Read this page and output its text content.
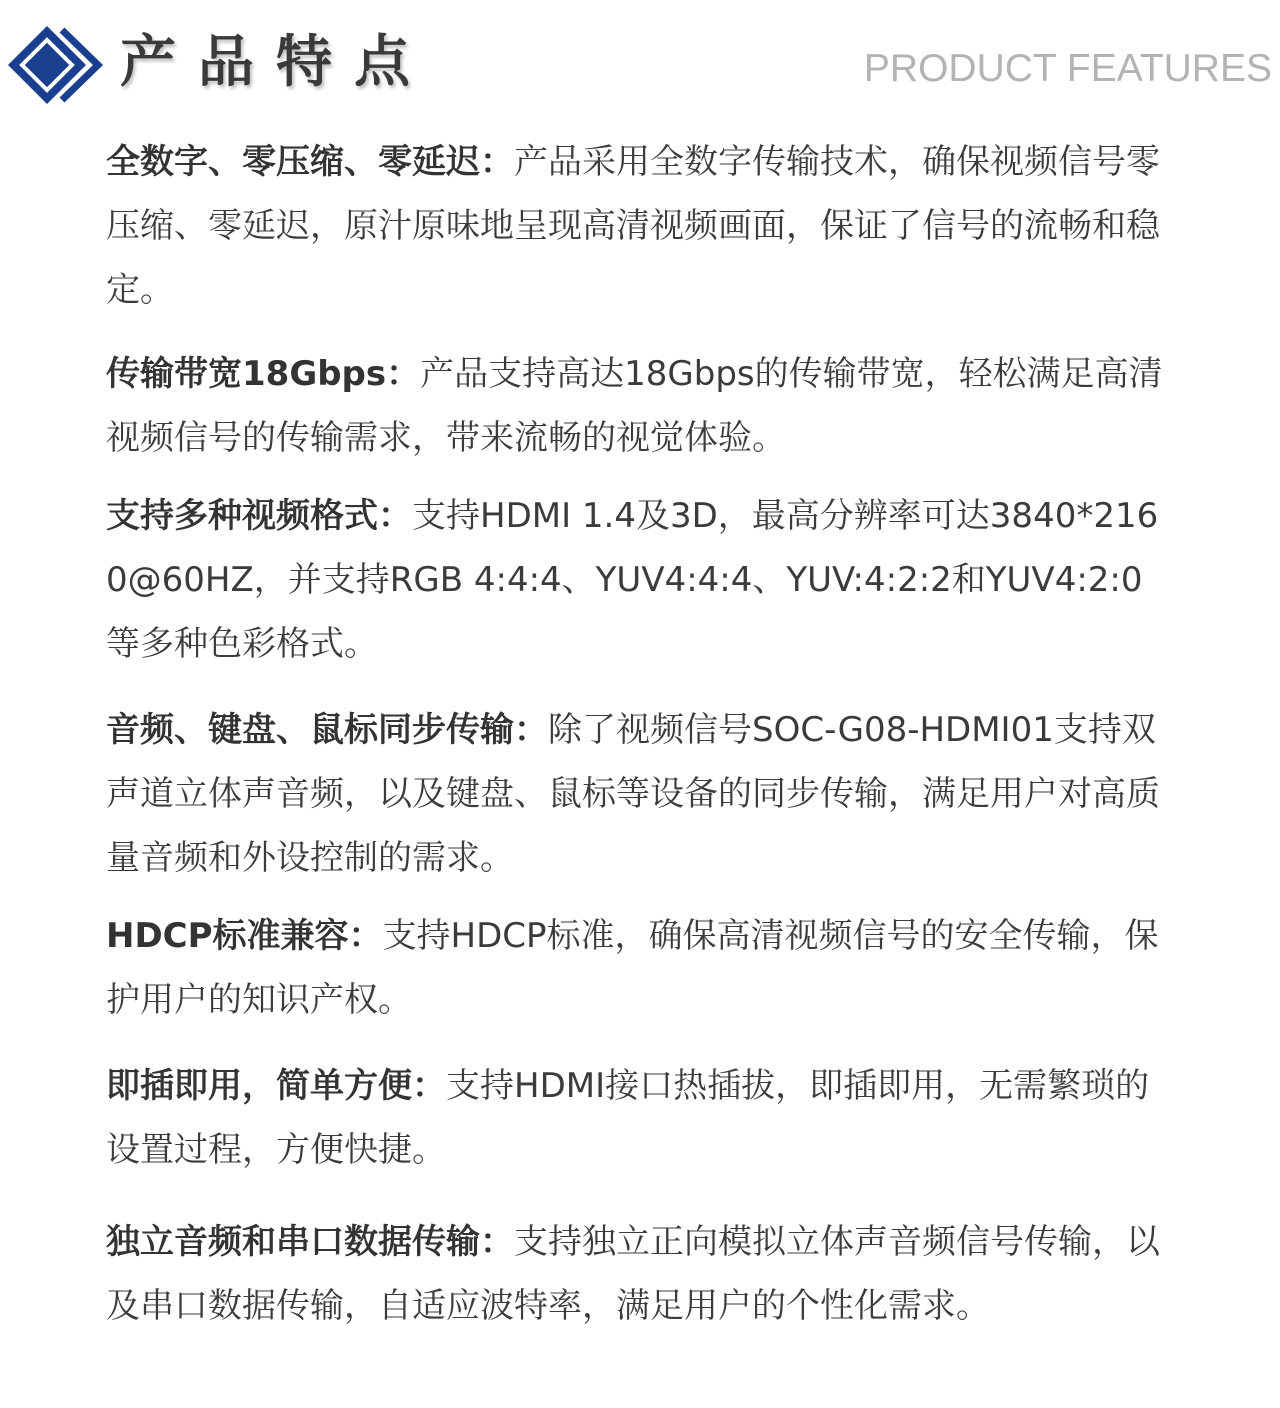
产品特点	PRODUCT FEATURES

全数字、零压缩、零延迟：产品采用全数字传输技术，确保视频信号零压缩、零延迟，原汁原味地呈现高清视频画面，保证了信号的流畅和稳定。

传输带宽18Gbps：产品支持高达18Gbps的传输带宽，轻松满足高清视频信号的传输需求，带来流畅的视觉体验。

支持多种视频格式：支持HDMI 1.4及3D，最高分辨率可达3840*2160@60HZ，并支持RGB 4:4:4、YUV4:4:4、YUV:4:2:2和YUV4:2:0等多种色彩格式。

音频、键盘、鼠标同步传输：除了视频信号SOC-G08-HDMI01支持双声道立体声音频，以及键盘、鼠标等设备的同步传输，满足用户对高质量音频和外设控制的需求。

HDCP标准兼容：支持HDCP标准，确保高清视频信号的安全传输，保护用户的知识产权。

即插即用，简单方便：支持HDMI接口热插拔，即插即用，无需繁琐的设置过程，方便快捷。

独立音频和串口数据传输：支持独立正向模拟立体声音频信号传输，以及串口数据传输，自适应波特率，满足用户的个性化需求。
